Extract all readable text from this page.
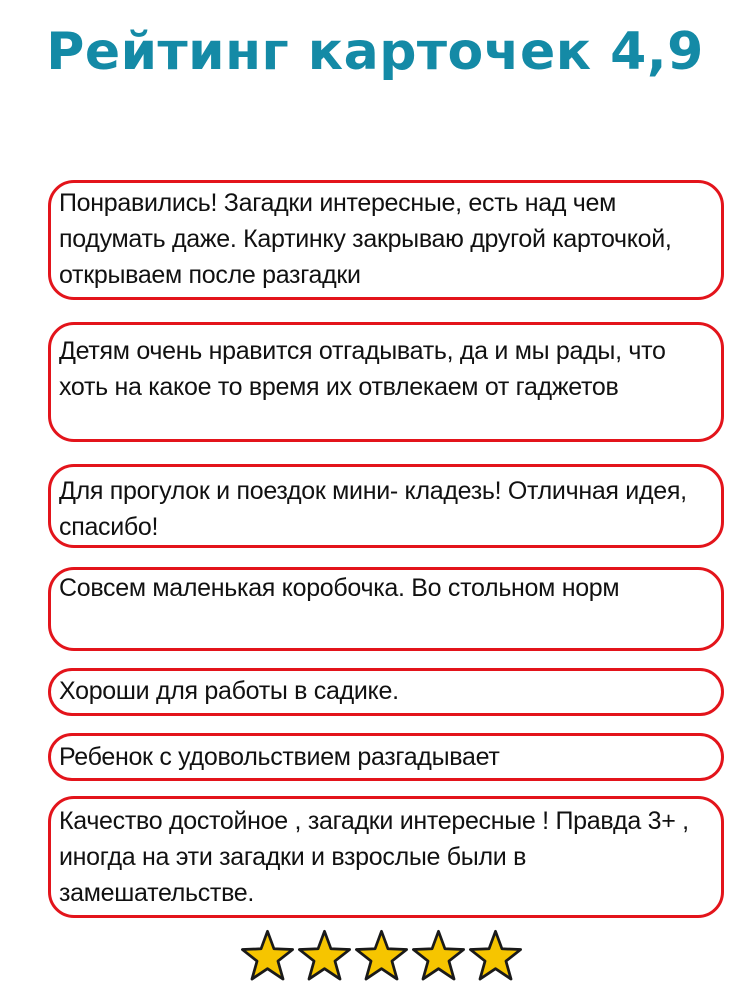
Рейтинг карточек 4,9

Понравились! Загадки интересные, есть над чем подумать даже. Картинку закрываю другой карточкой, открываем после разгадки

Детям очень нравится отгадывать, да и мы рады, что хоть на какое то время их отвлекаем от гаджетов

Для прогулок и поездок мини- кладезь! Отличная идея, спасибо!

Совсем маленькая коробочка. Во стольном норм

Хороши для работы в садике.

Ребенок с удовольствием разгадывает

Качество достойное , загадки интересные ! Правда 3+ , иногда на эти загадки и взрослые были в замешательстве.
